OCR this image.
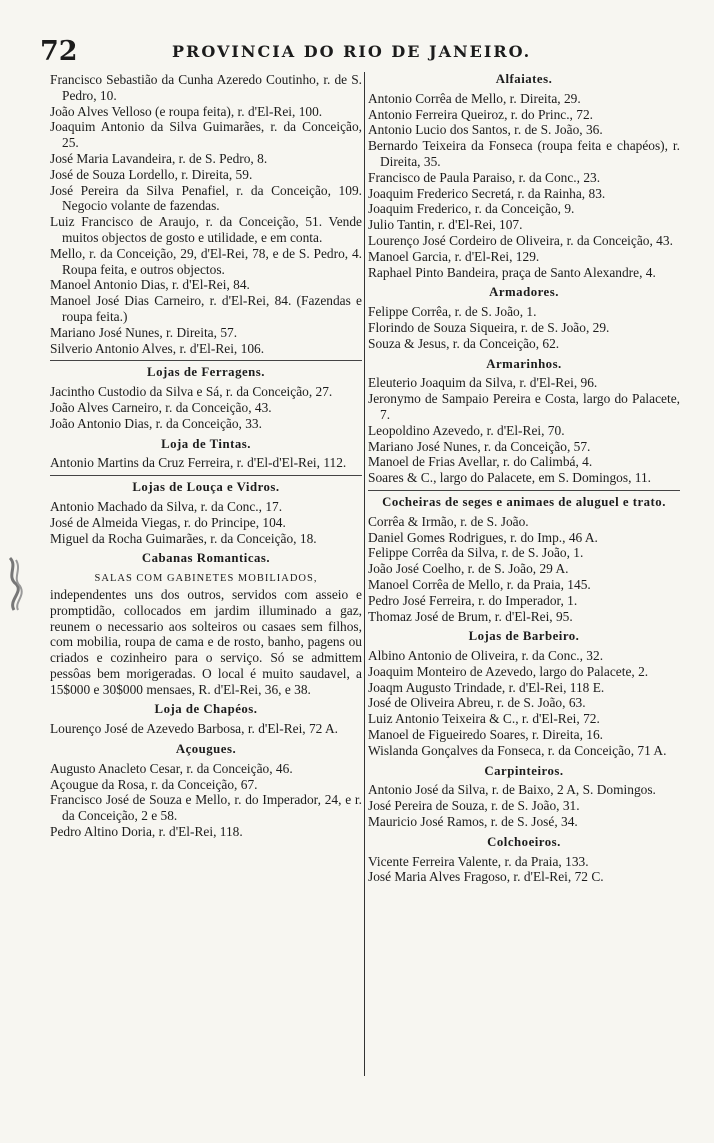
72	PROVINCIA DO RIO DE JANEIRO.
Francisco Sebastião da Cunha Azeredo Coutinho, r. de S. Pedro, 10.
João Alves Velloso (e roupa feita), r. d'El-Rei, 100.
Joaquim Antonio da Silva Guimarães, r. da Conceição, 25.
José Maria Lavandeira, r. de S. Pedro, 8.
José de Souza Lordello, r. Direita, 59.
José Pereira da Silva Penafiel, r. da Conceição, 109. Negocio volante de fazendas.
Luiz Francisco de Araujo, r. da Conceição, 51. Vende muitos objectos de gosto e utilidade, e em conta.
Mello, r. da Conceição, 29, d'El-Rei, 78, e de S. Pedro, 4. Roupa feita, e outros objectos.
Manoel Antonio Dias, r. d'El-Rei, 84.
Manoel José Dias Carneiro, r. d'El-Rei, 84. (Fazendas e roupa feita.)
Mariano José Nunes, r. Direita, 57.
Silverio Antonio Alves, r. d'El-Rei, 106.
Lojas de Ferragens.
Jacintho Custodio da Silva e Sá, r. da Conceição, 27.
João Alves Carneiro, r. da Conceição, 43.
João Antonio Dias, r. da Conceição, 33.
Loja de Tintas.
Antonio Martins da Cruz Ferreira, r. d'El-d'El-Rei, 112.
Lojas de Louça e Vidros.
Antonio Machado da Silva, r. da Conc., 17.
José de Almeida Viegas, r. do Principe, 104.
Miguel da Rocha Guimarães, r. da Conceição, 18.
Cabanas Romanticas.
SALAS COM GABINETES MOBILIADOS,
independentes uns dos outros, servidos com asseio e promptidão, collocados em jardim illuminado a gaz, reunem o necessario aos solteiros ou casaes sem filhos, com mobilia, roupa de cama e de rosto, banho, pagens ou criados e cozinheiro para o serviço. Só se admittem pessôas bem morigeradas. O local é muito saudavel, a 15$000 e 30$000 mensaes, R. d'El-Rei, 36, e 38.
Loja de Chapéos.
Lourenço José de Azevedo Barbosa, r. d'El-Rei, 72 A.
Açougues.
Augusto Anacleto Cesar, r. da Conceição, 46.
Açougue da Rosa, r. da Conceição, 67.
Francisco José de Souza e Mello, r. do Imperador, 24, e r. da Conceição, 2 e 58.
Pedro Altino Doria, r. d'El-Rei, 118.
Alfaiates.
Antonio Corrêa de Mello, r. Direita, 29.
Antonio Ferreira Queiroz, r. do Princ., 72.
Antonio Lucio dos Santos, r. de S. João, 36.
Bernardo Teixeira da Fonseca (roupa feita e chapéos), r. Direita, 35.
Francisco de Paula Paraiso, r. da Conc., 23.
Joaquim Frederico Secretá, r. da Rainha, 83.
Joaquim Frederico, r. da Conceição, 9.
Julio Tantin, r. d'El-Rei, 107.
Lourenço José Cordeiro de Oliveira, r. da Conceição, 43.
Manoel Garcia, r. d'El-Rei, 129.
Raphael Pinto Bandeira, praça de Santo Alexandre, 4.
Armadores.
Felippe Corrêa, r. de S. João, 1.
Florindo de Souza Siqueira, r. de S. João, 29.
Souza & Jesus, r. da Conceição, 62.
Armarinhos.
Eleuterio Joaquim da Silva, r. d'El-Rei, 96.
Jeronymo de Sampaio Pereira e Costa, largo do Palacete, 7.
Leopoldino Azevedo, r. d'El-Rei, 70.
Mariano José Nunes, r. da Conceição, 57.
Manoel de Frias Avellar, r. do Calimbá, 4.
Soares & C., largo do Palacete, em S. Domingos, 11.
Cocheiras de seges e animaes de aluguel e trato.
Corrêa & Irmão, r. de S. João.
Daniel Gomes Rodrigues, r. do Imp., 46 A.
Felippe Corrêa da Silva, r. de S. João, 1.
João José Coelho, r. de S. João, 29 A.
Manoel Corrêa de Mello, r. da Praia, 145.
Pedro José Ferreira, r. do Imperador, 1.
Thomaz José de Brum, r. d'El-Rei, 95.
Lojas de Barbeiro.
Albino Antonio de Oliveira, r. da Conc., 32.
Joaquim Monteiro de Azevedo, largo do Palacete, 2.
Joaqm Augusto Trindade, r. d'El-Rei, 118 E.
José de Oliveira Abreu, r. de S. João, 63.
Luiz Antonio Teixeira & C., r. d'El-Rei, 72.
Manoel de Figueiredo Soares, r. Direita, 16.
Wislanda Gonçalves da Fonseca, r. da Conceição, 71 A.
Carpinteiros.
Antonio José da Silva, r. de Baixo, 2 A, S. Domingos.
José Pereira de Souza, r. de S. João, 31.
Mauricio José Ramos, r. de S. José, 34.
Colchoeiros.
Vicente Ferreira Valente, r. da Praia, 133.
José Maria Alves Fragoso, r. d'El-Rei, 72 C.
